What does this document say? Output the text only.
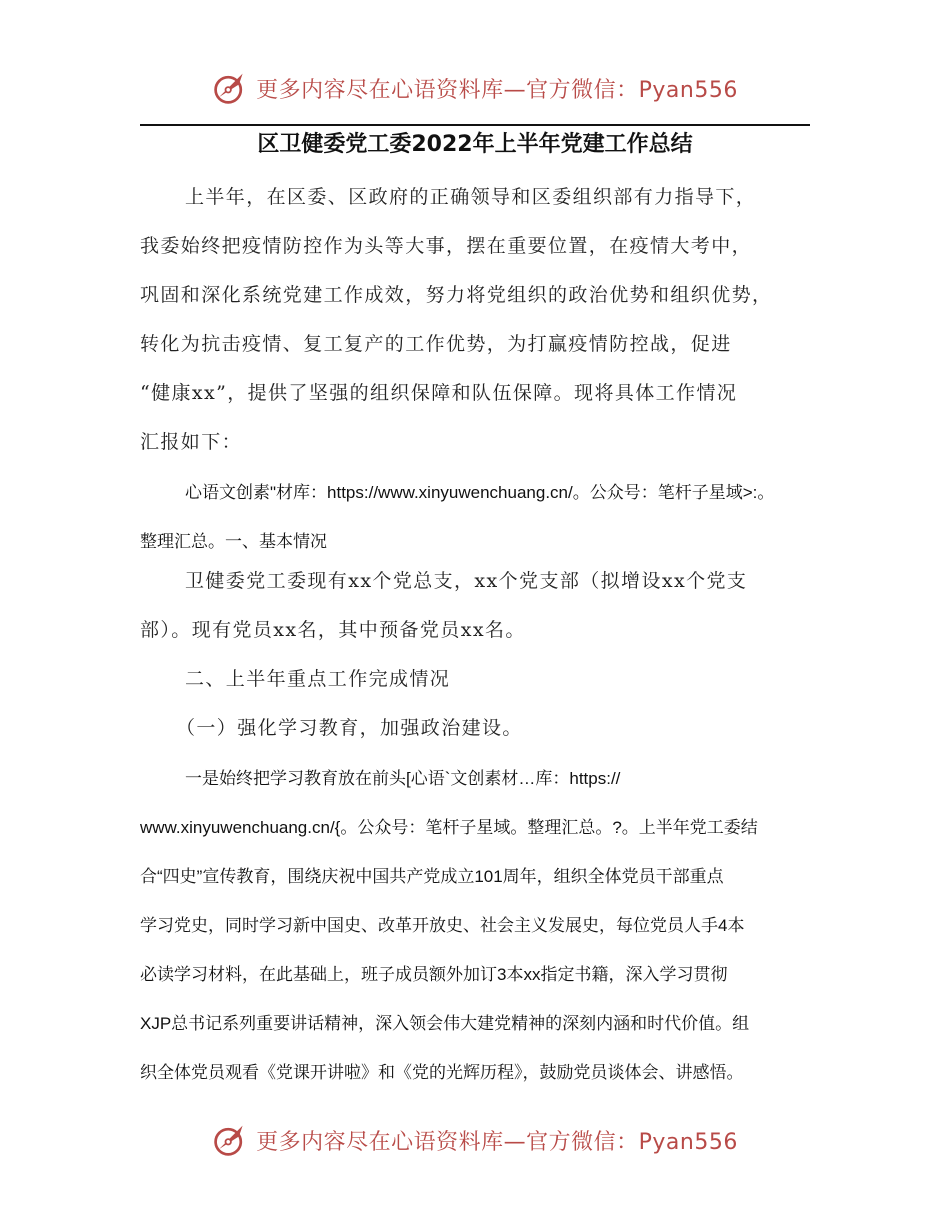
更多内容尽在心语资料库—官方微信：Pyan556
区卫健委党工委2022年上半年党建工作总结
上半年，在区委、区政府的正确领导和区委组织部有力指导下，
我委始终把疫情防控作为头等大事，摆在重要位置，在疫情大考中，
巩固和深化系统党建工作成效，努力将党组织的政治优势和组织优势，
转化为抗击疫情、复工复产的工作优势，为打赢疫情防控战，促进
“健康xx”，提供了坚强的组织保障和队伍保障。现将具体工作情况
汇报如下：
心语文创素"材库：https://www.xinyuwenchuang.cn/。公众号：笔杆子星域>:。
整理汇总。一、基本情况
卫健委党工委现有xx个党总支，xx个党支部（拟增设xx个党支
部）。现有党员xx名，其中预备党员xx名。
二、上半年重点工作完成情况
（一）强化学习教育，加强政治建设。
一是始终把学习教育放在前头[心语`文创素材…库：https://
www.xinyuwenchuang.cn/{。公众号：笔杆子星域。整理汇总。?。上半年党工委结
合“四史”宣传教育，围绕庆祝中国共产党成立101周年，组织全体党员干部重点
学习党史，同时学习新中国史、改革开放史、社会主义发展史，每位党员人手4本
必读学习材料，在此基础上，班子成员额外加订3本xx指定书籍，深入学习贯彻
XJP总书记系列重要讲话精神，深入领会伟大建党精神的深刻内涵和时代价值。组
织全体党员观看《党课开讲啦》和《党的光辉历程》，鼓励党员谈体会、讲感悟。
更多内容尽在心语资料库—官方微信：Pyan556
